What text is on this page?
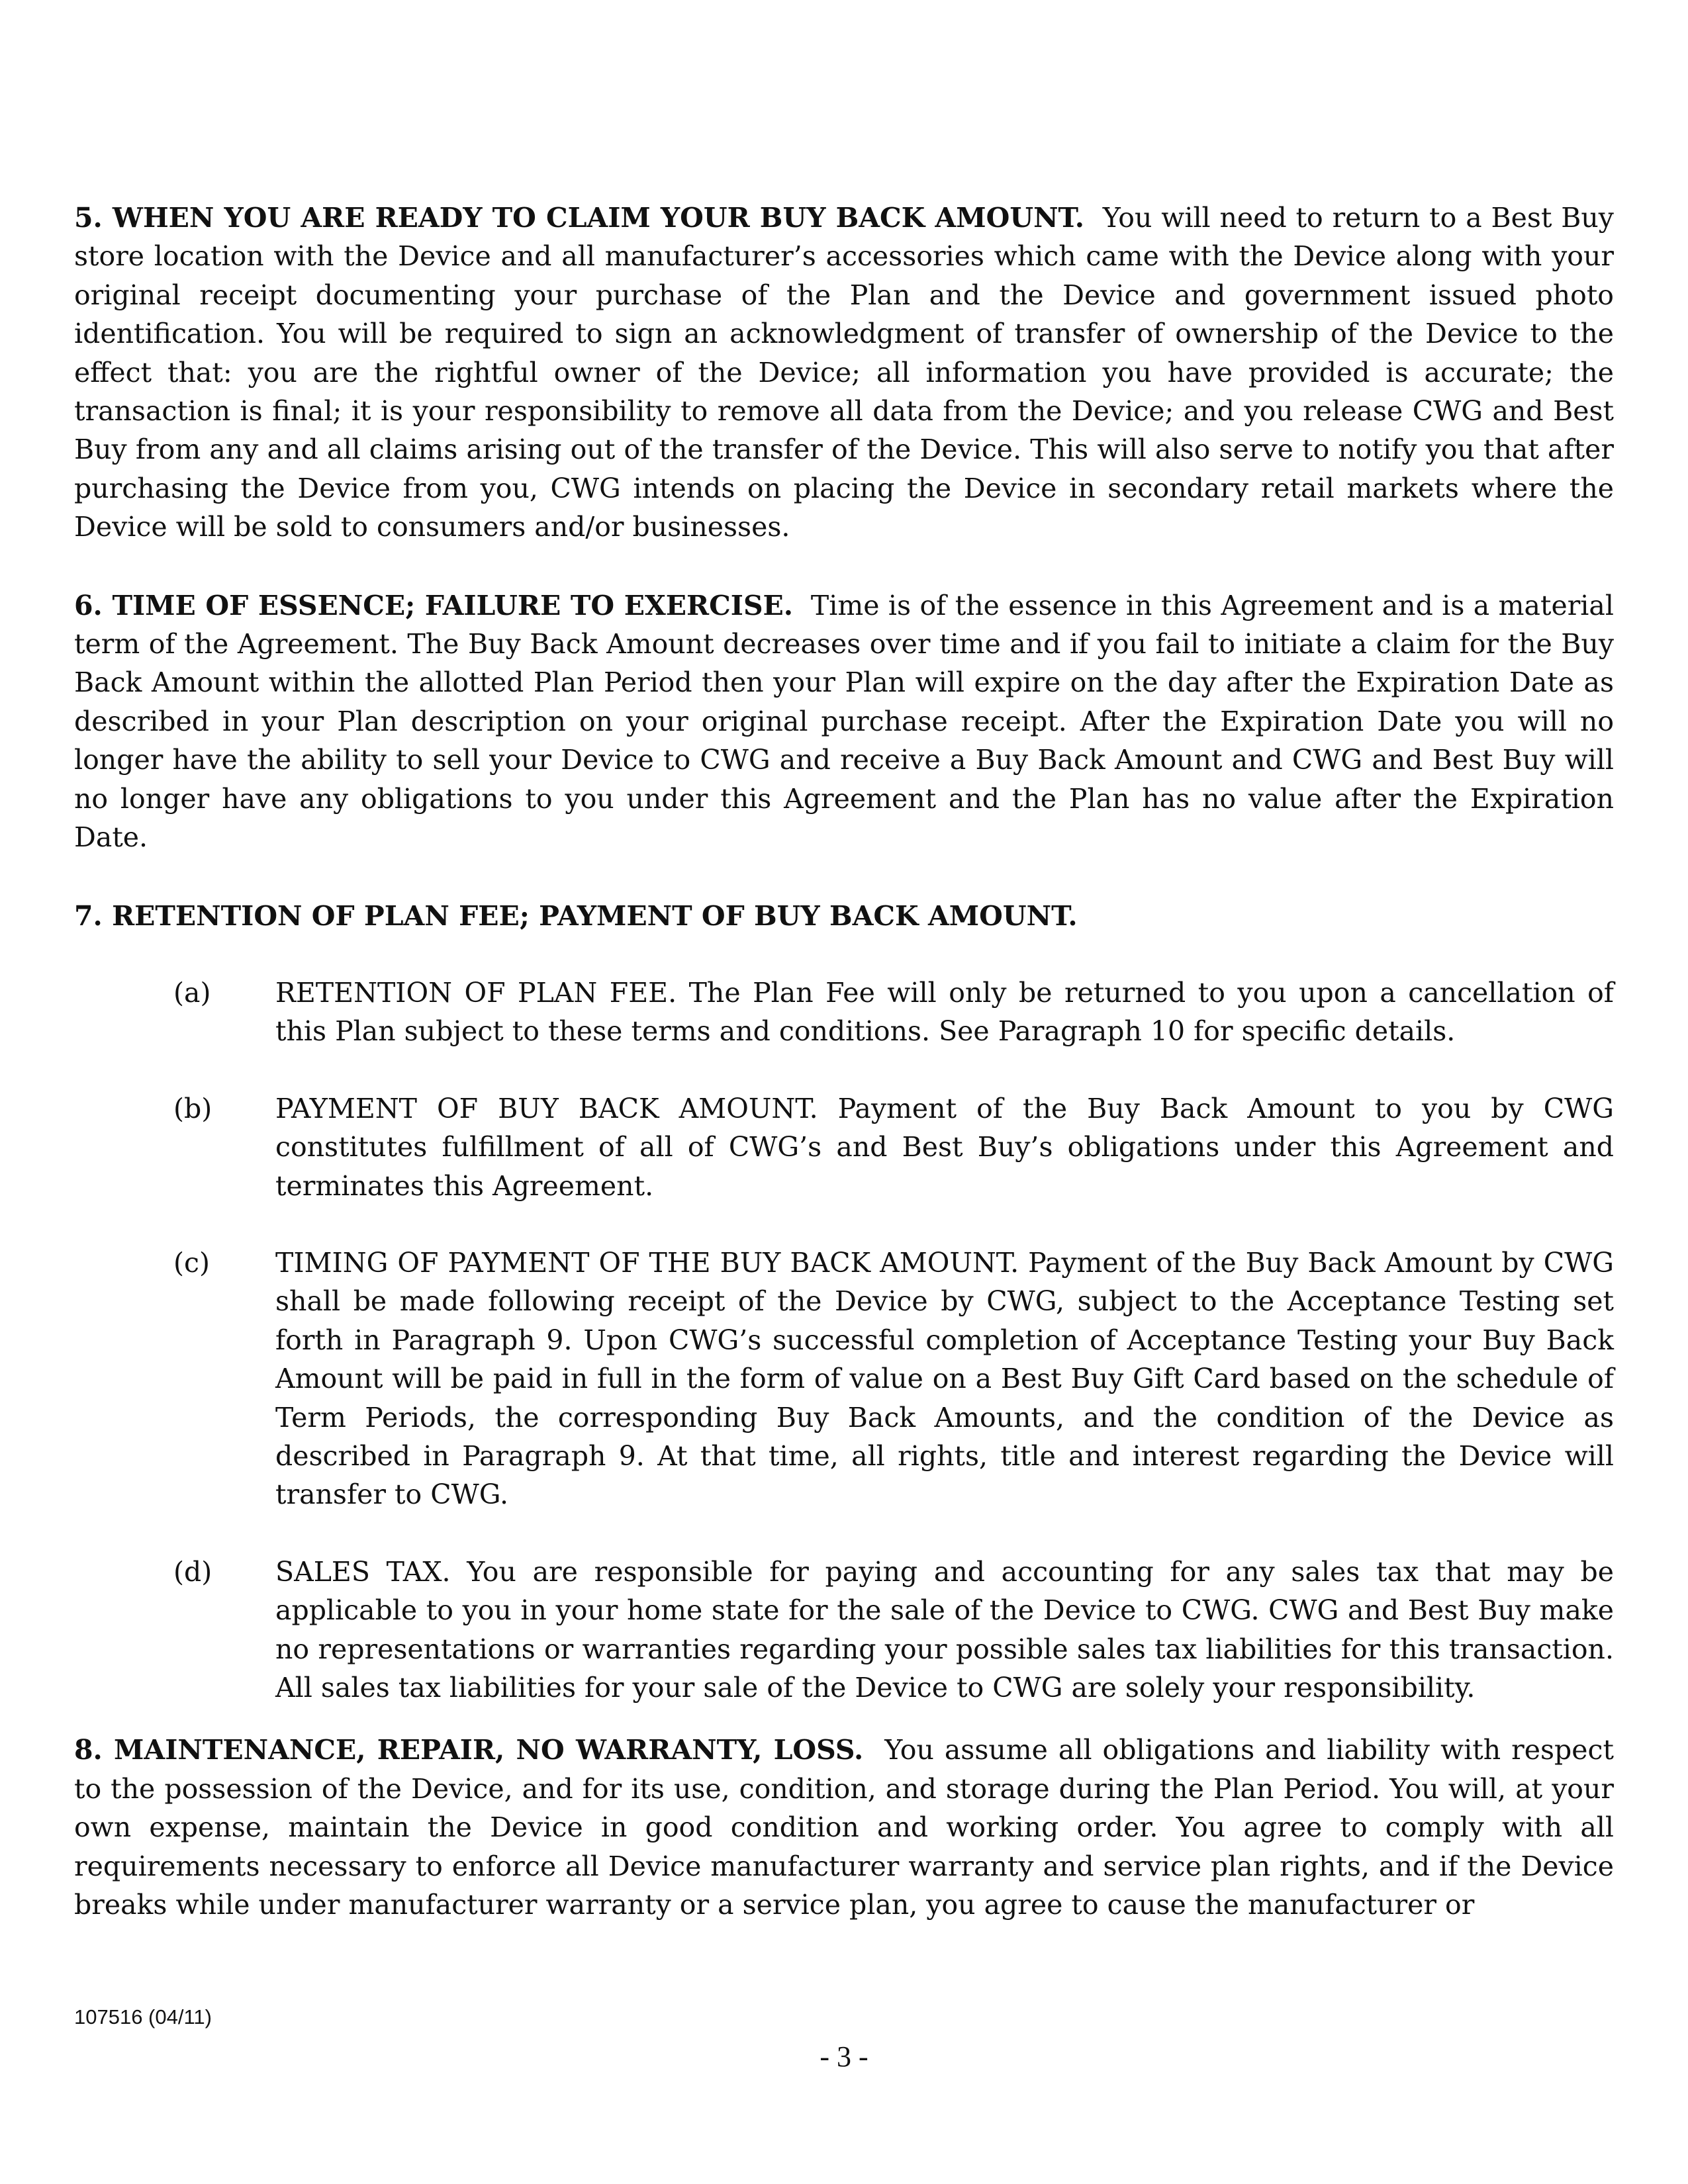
5. WHEN YOU ARE READY TO CLAIM YOUR BUY BACK AMOUNT. You will need to return to a Best Buy store location with the Device and all manufacturer’s accessories which came with the Device along with your original receipt documenting your purchase of the Plan and the Device and government issued photo identification. You will be required to sign an acknowledgment of transfer of ownership of the Device to the effect that: you are the rightful owner of the Device; all information you have provided is accurate; the transaction is final; it is your responsibility to remove all data from the Device; and you release CWG and Best Buy from any and all claims arising out of the transfer of the Device. This will also serve to notify you that after purchasing the Device from you, CWG intends on placing the Device in secondary retail markets where the Device will be sold to consumers and/or businesses.

6. TIME OF ESSENCE; FAILURE TO EXERCISE. Time is of the essence in this Agreement and is a material term of the Agreement. The Buy Back Amount decreases over time and if you fail to initiate a claim for the Buy Back Amount within the allotted Plan Period then your Plan will expire on the day after the Expiration Date as described in your Plan description on your original purchase receipt. After the Expiration Date you will no longer have the ability to sell your Device to CWG and receive a Buy Back Amount and CWG and Best Buy will no longer have any obligations to you under this Agreement and the Plan has no value after the Expiration Date.

7. RETENTION OF PLAN FEE; PAYMENT OF BUY BACK AMOUNT.

(a)	RETENTION OF PLAN FEE. The Plan Fee will only be returned to you upon a cancellation of this Plan subject to these terms and conditions. See Paragraph 10 for specific details.

(b)	PAYMENT OF BUY BACK AMOUNT. Payment of the Buy Back Amount to you by CWG constitutes fulfillment of all of CWG’s and Best Buy’s obligations under this Agreement and terminates this Agreement.

(c)	TIMING OF PAYMENT OF THE BUY BACK AMOUNT. Payment of the Buy Back Amount by CWG shall be made following receipt of the Device by CWG, subject to the Acceptance Testing set forth in Paragraph 9. Upon CWG’s successful completion of Acceptance Testing your Buy Back Amount will be paid in full in the form of value on a Best Buy Gift Card based on the schedule of Term Periods, the corresponding Buy Back Amounts, and the condition of the Device as described in Paragraph 9. At that time, all rights, title and interest regarding the Device will transfer to CWG.

(d)	SALES TAX. You are responsible for paying and accounting for any sales tax that may be applicable to you in your home state for the sale of the Device to CWG. CWG and Best Buy make no representations or warranties regarding your possible sales tax liabilities for this transaction. All sales tax liabilities for your sale of the Device to CWG are solely your responsibility.

8. MAINTENANCE, REPAIR, NO WARRANTY, LOSS. You assume all obligations and liability with respect to the possession of the Device, and for its use, condition, and storage during the Plan Period. You will, at your own expense, maintain the Device in good condition and working order. You agree to comply with all requirements necessary to enforce all Device manufacturer warranty and service plan rights, and if the Device breaks while under manufacturer warranty or a service plan, you agree to cause the manufacturer or

107516 (04/11)
- 3 -
